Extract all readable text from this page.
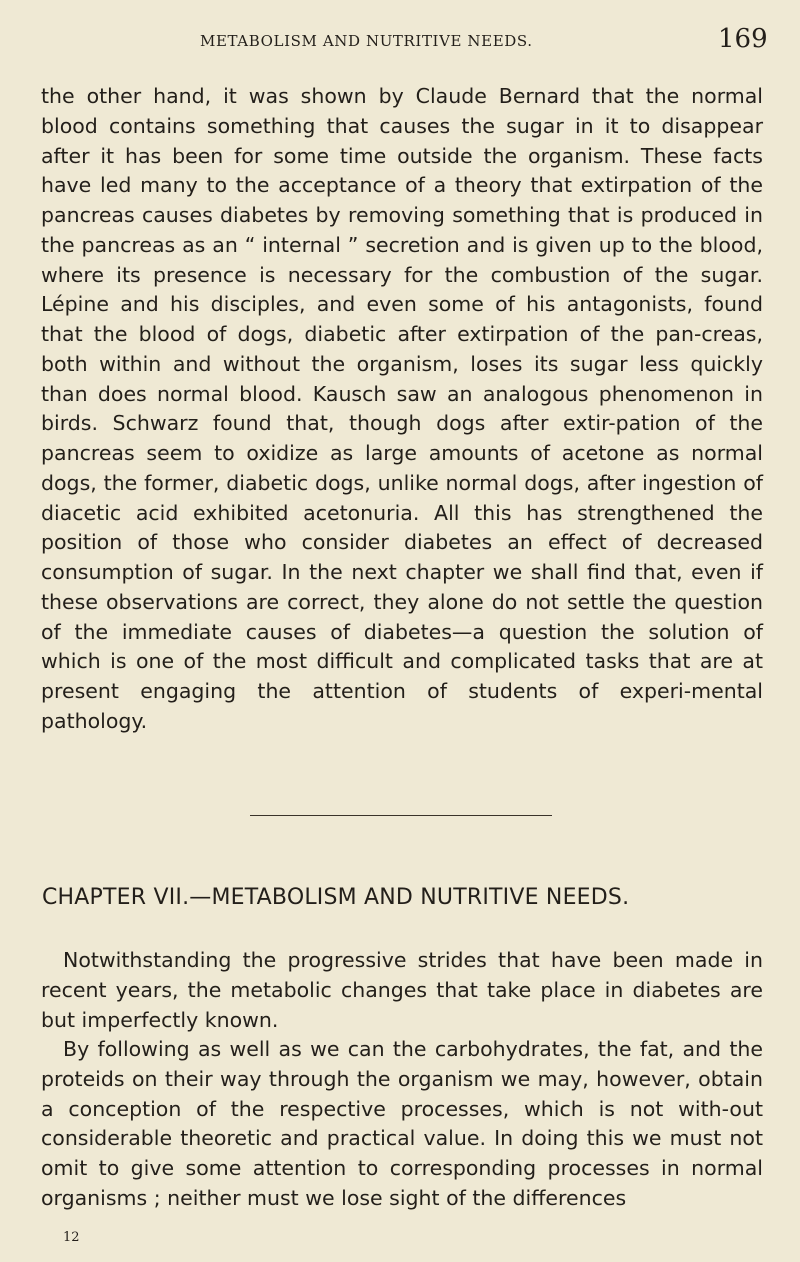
METABOLISM AND NUTRITIVE NEEDS.	169

the other hand, it was shown by Claude Bernard that the normal blood contains something that causes the sugar in it to disappear after it has been for some time outside the organism. These facts have led many to the acceptance of a theory that extirpation of the pancreas causes diabetes by removing something that is produced in the pancreas as an “ internal ” secretion and is given up to the blood, where its presence is necessary for the combustion of the sugar. Lépine and his disciples, and even some of his antagonists, found that the blood of dogs, diabetic after extirpation of the pan-creas, both within and without the organism, loses its sugar less quickly than does normal blood. Kausch saw an analogous phenomenon in birds. Schwarz found that, though dogs after extir-pation of the pancreas seem to oxidize as large amounts of acetone as normal dogs, the former, diabetic dogs, unlike normal dogs, after ingestion of diacetic acid exhibited acetonuria. All this has strengthened the position of those who consider diabetes an effect of decreased consumption of sugar. In the next chapter we shall find that, even if these observations are correct, they alone do not settle the question of the immediate causes of diabetes—a question the solution of which is one of the most difficult and complicated tasks that are at present engaging the attention of students of experi-mental pathology.

CHAPTER VII.—METABOLISM AND NUTRITIVE NEEDS.

Notwithstanding the progressive strides that have been made in recent years, the metabolic changes that take place in diabetes are but imperfectly known.

By following as well as we can the carbohydrates, the fat, and the proteids on their way through the organism we may, however, obtain a conception of the respective processes, which is not with-out considerable theoretic and practical value. In doing this we must not omit to give some attention to corresponding processes in normal organisms ; neither must we lose sight of the differences

12
